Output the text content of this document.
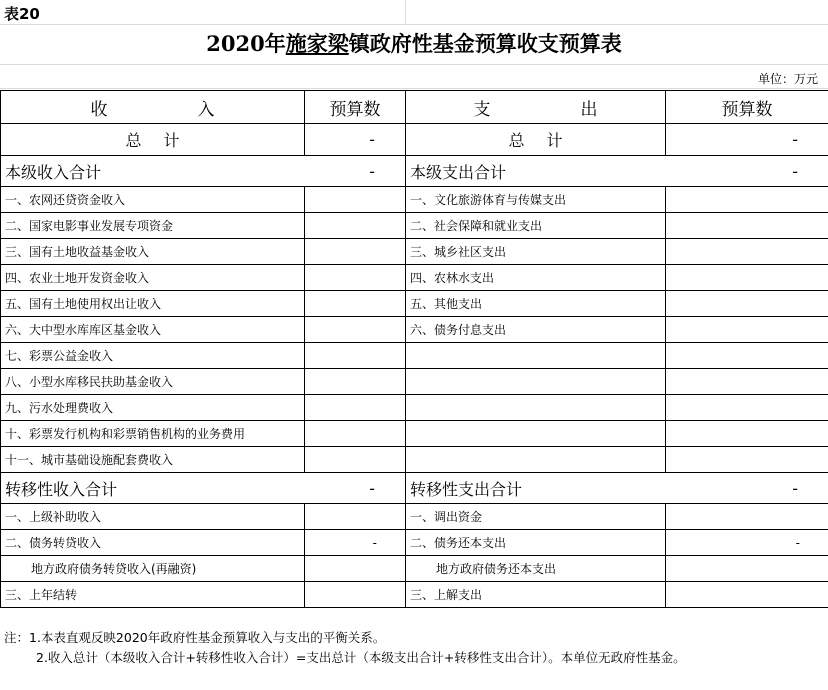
表20
2020年施家梁镇政府性基金预算收支预算表
单位：万元
收 入	预算数	支 出	预算数
总 计	-	总 计	-
本级收入合计	-	本级支出合计	-
一、农网还贷资金收入		一、文化旅游体育与传媒支出	
二、国家电影事业发展专项资金		二、社会保障和就业支出	
三、国有土地收益基金收入		三、城乡社区支出	
四、农业土地开发资金收入		四、农林水支出	
五、国有土地使用权出让收入		五、其他支出	
六、大中型水库库区基金收入		六、债务付息支出	
七、彩票公益金收入			
八、小型水库移民扶助基金收入			
九、污水处理费收入			
十、彩票发行机构和彩票销售机构的业务费用			
十一、城市基础设施配套费收入			
转移性收入合计	-	转移性支出合计	-
一、上级补助收入		一、调出资金	
二、债务转贷收入	-	二、债务还本支出	-
地方政府债务转贷收入(再融资)		地方政府债务还本支出	
三、上年结转		三、上解支出	
注：1.本表直观反映2020年政府性基金预算收入与支出的平衡关系。
2.收入总计（本级收入合计+转移性收入合计）=支出总计（本级支出合计+转移性支出合计）。本单位无政府性基金。
